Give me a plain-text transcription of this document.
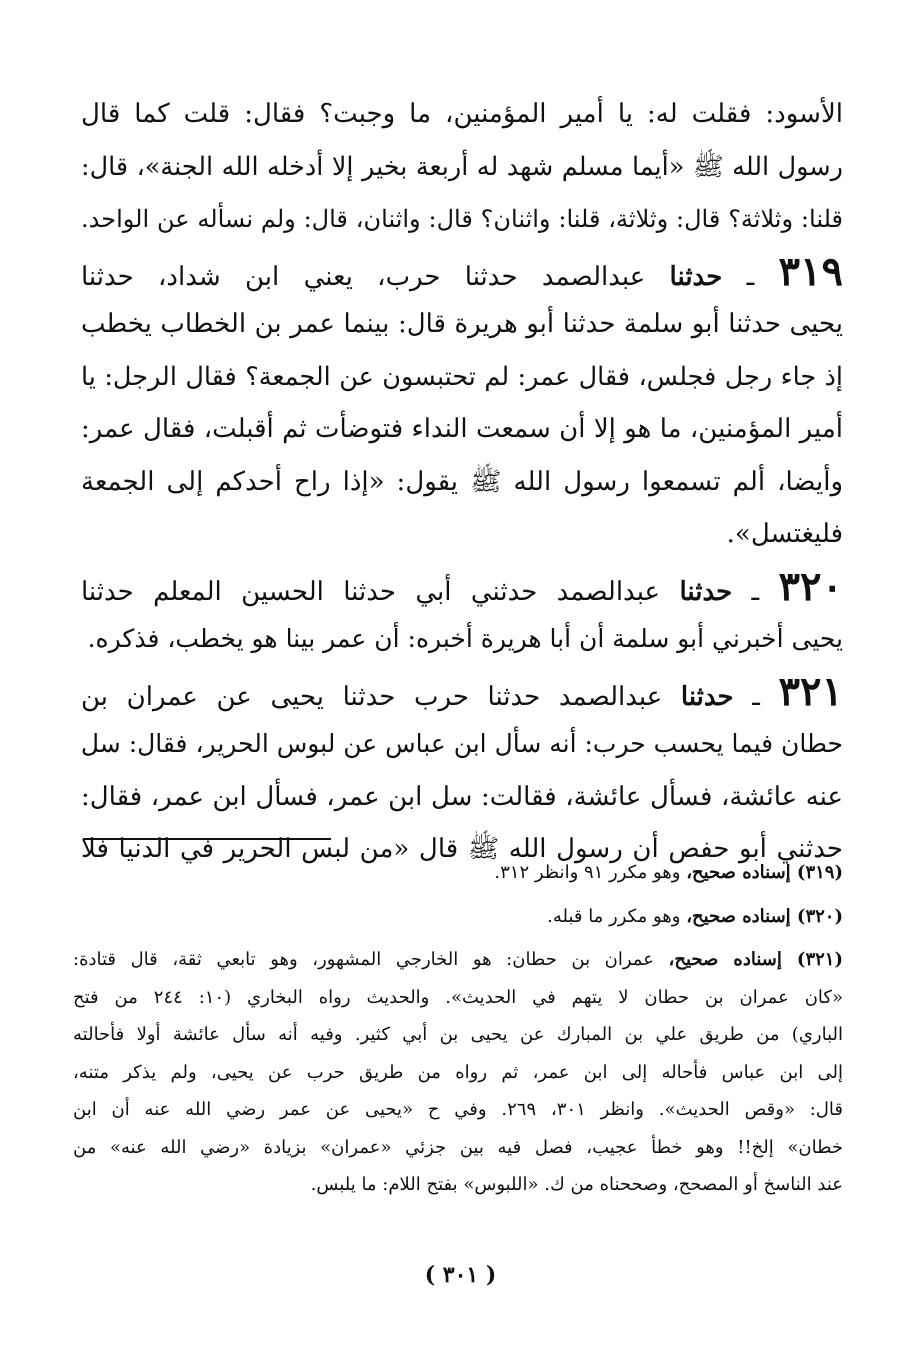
الأسود: فقلت له: يا أمير المؤمنين، ما وجبت؟ فقال: قلت كما قال
رسول الله ﷺ «أيما مسلم شهد له أربعة بخير إلا أدخله الله الجنة»، قال:
قلنا: وثلاثة؟ قال: وثلاثة، قلنا: واثنان؟ قال: واثنان، قال: ولم نسأله عن الواحد.
٣١٩ ـ حدثنا عبدالصمد حدثنا حرب، يعني ابن شداد، حدثنا
يحيى حدثنا أبو سلمة حدثنا أبو هريرة قال: بينما عمر بن الخطاب يخطب
إذ جاء رجل فجلس، فقال عمر: لم تحتبسون عن الجمعة؟ فقال الرجل: يا
أمير المؤمنين، ما هو إلا أن سمعت النداء فتوضأت ثم أقبلت، فقال عمر:
وأيضا، ألم تسمعوا رسول الله ﷺ يقول: «إذا راح أحدكم إلى الجمعة
فليغتسل».
٣٢٠ ـ حدثنا عبدالصمد حدثني أبي حدثنا الحسين المعلم حدثنا
يحيى أخبرني أبو سلمة أن أبا هريرة أخبره: أن عمر بينا هو يخطب، فذكره.
٣٢١ ـ حدثنا عبدالصمد حدثنا حرب حدثنا يحيى عن عمران بن
حطان فيما يحسب حرب: أنه سأل ابن عباس عن لبوس الحرير، فقال: سل
عنه عائشة، فسأل عائشة، فقالت: سل ابن عمر، فسأل ابن عمر، فقال:
حدثني أبو حفص أن رسول الله ﷺ قال «من لبس الحرير في الدنيا فلا
(٣١٩) إسناده صحيح، وهو مكرر ٩١ وانظر ٣١٢.
(٣٢٠) إسناده صحيح، وهو مكرر ما قبله.
(٣٢١) إسناده صحيح، عمران بن حطان: هو الخارجي المشهور، وهو تابعي ثقة، قال قتادة:
«كان عمران بن حطان لا يتهم في الحديث». والحديث رواه البخاري (١٠: ٢٤٤ من فتح
الباري) من طريق علي بن المبارك عن يحيى بن أبي كثير. وفيه أنه سأل عائشة أولا فأحالته
إلى ابن عباس فأحاله إلى ابن عمر، ثم رواه من طريق حرب عن يحيى، ولم يذكر متنه،
قال: «وقص الحديث». وانظر ٣٠١، ٢٦٩. وفي ح «يحيى عن عمر رضي الله عنه أن ابن
خطان» إلخ!! وهو خطأ عجيب، فصل فيه بين جزئي «عمران» بزيادة «رضي الله عنه» من
عند الناسخ أو المصحح، وصححناه من ك. «اللبوس» بفتح اللام: ما يلبس.
( ٣٠١ )
